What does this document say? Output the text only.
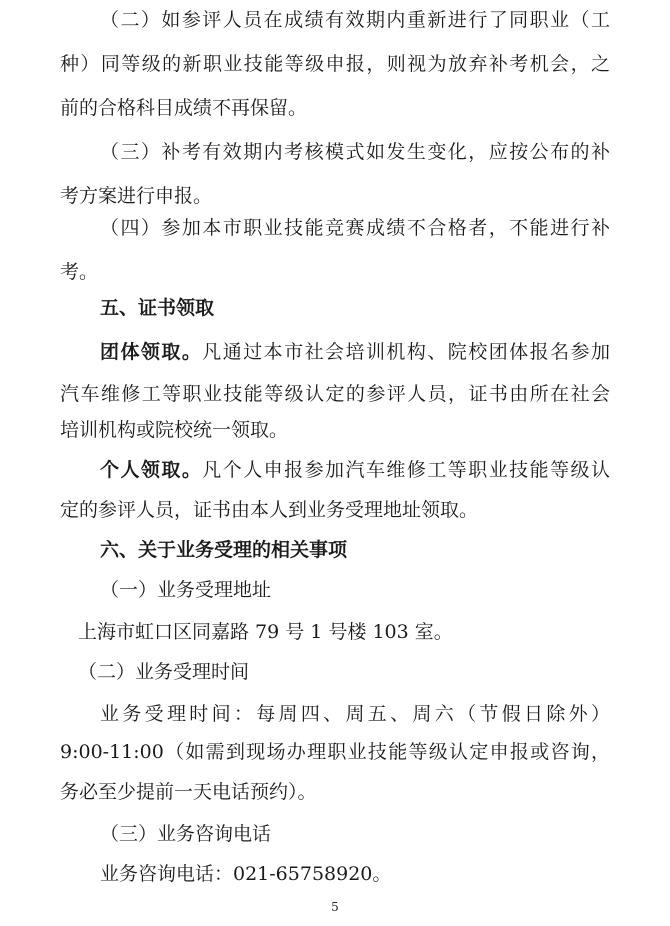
（二）如参评人员在成绩有效期内重新进行了同职业（工
种）同等级的新职业技能等级申报，则视为放弃补考机会，之
前的合格科目成绩不再保留。
（三）补考有效期内考核模式如发生变化，应按公布的补
考方案进行申报。
（四）参加本市职业技能竞赛成绩不合格者，不能进行补
考。
五、证书领取
团体领取。凡通过本市社会培训机构、院校团体报名参加
汽车维修工等职业技能等级认定的参评人员，证书由所在社会
培训机构或院校统一领取。
个人领取。凡个人申报参加汽车维修工等职业技能等级认
定的参评人员，证书由本人到业务受理地址领取。
六、关于业务受理的相关事项
（一）业务受理地址
上海市虹口区同嘉路 79 号 1 号楼 103 室。
（二）业务受理时间
业务受理时间：每周四、周五、周六（节假日除外）
9:00-11:00（如需到现场办理职业技能等级认定申报或咨询，
务必至少提前一天电话预约）。
（三）业务咨询电话
业务咨询电话：021-65758920。
5
